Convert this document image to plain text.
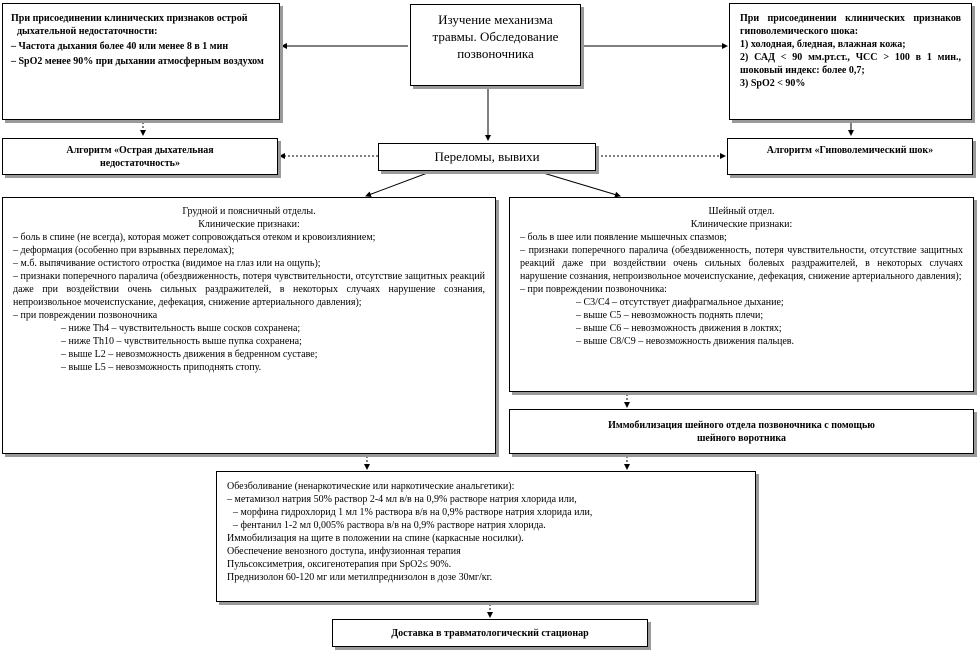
При присоединении клинических признаков острой дыхательной недостаточности:

– Частота дыхания более 40 или менее 8 в 1 мин

– SpO2 менее 90% при дыхании атмосферным воздухом

Изучение механизма травмы. Обследование позвоночника

При присоединении клинических признаков гиповолемического шока:

1) холодная, бледная, влажная кожа;

2) САД < 90 мм.рт.ст., ЧСС > 100 в 1 мин., шоковый индекс: более 0,7;

3) SpO2 < 90%

Алгоритм «Острая дыхательная недостаточность»	Переломы, вывихи	Алгоритм «Гиповолемический шок»

Грудной и поясничный отделы.

Клинические признаки:

– боль в спине (не всегда), которая может сопровождаться отеком и кровоизлиянием;

– деформация (особенно при взрывных переломах);

– м.б. выпячивание остистого отростка (видимое на глаз или на ощупь);

– признаки поперечного паралича (обездвиженность, потеря чувствительности, отсутствие защитных реакций даже при воздействии очень сильных раздражителей, в некоторых случаях нарушение сознания, непроизвольное мочеиспускание, дефекация, снижение артериального давления);

– при повреждении позвоночника

– ниже Th4 – чувствительность выше сосков сохранена;

– ниже Th10 – чувствительность выше пупка сохранена;

– выше L2 – невозможность движения в бедренном суставе;

– выше L5 – невозможность приподнять стопу.

Шейный отдел.

Клинические признаки:

– боль в шее или появление мышечных спазмов;

– признаки поперечного паралича (обездвиженность, потеря чувствительности, отсутствие защитных реакций даже при воздействии очень сильных болевых раздражителей, в некоторых случаях нарушение сознания, непроизвольное мочеиспускание, дефекация, снижение артериального давления);

– при повреждении позвоночника:

– С3/С4 – отсутствует диафрагмальное дыхание;

– выше С5 – невозможность поднять плечи;

– выше С6 – невозможность движения в локтях;

– выше С8/С9 – невозможность движения пальцев.

Иммобилизация шейного отдела позвоночника с помощью шейного воротника

Обезболивание (ненаркотические или наркотические анальгетики):

– метамизол натрия 50% раствор 2-4 мл в/в на 0,9% растворе натрия хлорида или,

– морфина гидрохлорид 1 мл 1% раствора в/в на 0,9% растворе натрия хлорида или,

– фентанил 1-2 мл 0,005% раствора в/в на 0,9% растворе натрия хлорида.

Иммобилизация на щите в положении на спине (каркасные носилки).

Обеспечение венозного доступа, инфузионная терапия

Пульсоксиметрия, оксигенотерапия при SpO2≤ 90%.

Преднизолон 60-120 мг или метилпреднизолон в дозе 30мг/кг.

Доставка в травматологический стационар
